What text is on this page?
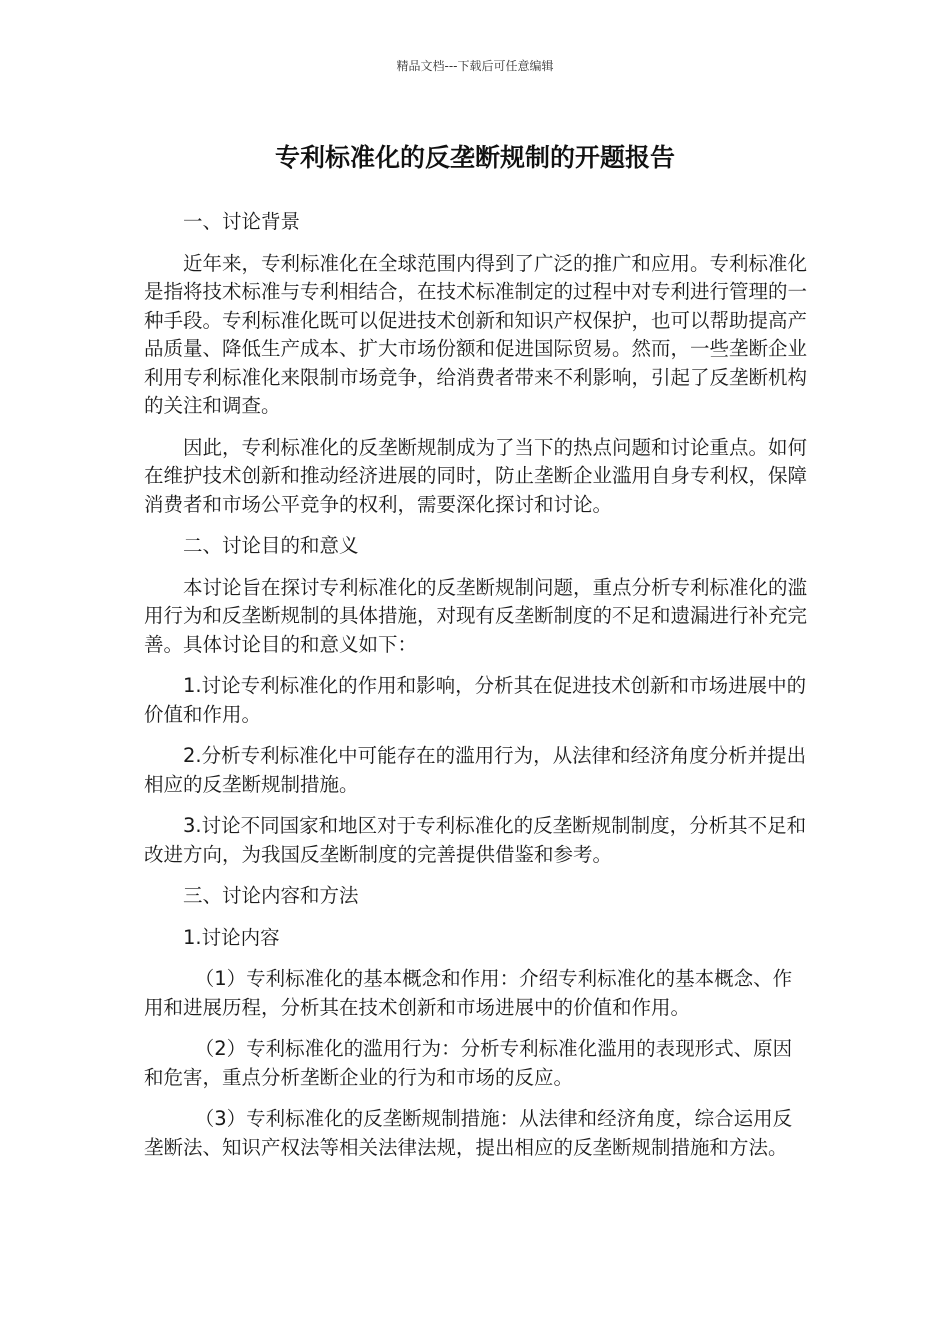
精品文档---下载后可任意编辑
专利标准化的反垄断规制的开题报告

一、讨论背景

近年来，专利标准化在全球范围内得到了广泛的推广和应用。专利标准化是指将技术标准与专利相结合，在技术标准制定的过程中对专利进行管理的一种手段。专利标准化既可以促进技术创新和知识产权保护，也可以帮助提高产品质量、降低生产成本、扩大市场份额和促进国际贸易。然而，一些垄断企业利用专利标准化来限制市场竞争，给消费者带来不利影响，引起了反垄断机构的关注和调查。

因此，专利标准化的反垄断规制成为了当下的热点问题和讨论重点。如何在维护技术创新和推动经济进展的同时，防止垄断企业滥用自身专利权，保障消费者和市场公平竞争的权利，需要深化探讨和讨论。

二、讨论目的和意义

本讨论旨在探讨专利标准化的反垄断规制问题，重点分析专利标准化的滥用行为和反垄断规制的具体措施，对现有反垄断制度的不足和遗漏进行补充完善。具体讨论目的和意义如下：

1.讨论专利标准化的作用和影响，分析其在促进技术创新和市场进展中的价值和作用。

2.分析专利标准化中可能存在的滥用行为，从法律和经济角度分析并提出相应的反垄断规制措施。

3.讨论不同国家和地区对于专利标准化的反垄断规制制度，分析其不足和改进方向，为我国反垄断制度的完善提供借鉴和参考。

三、讨论内容和方法

1.讨论内容

（1）专利标准化的基本概念和作用：介绍专利标准化的基本概念、作用和进展历程，分析其在技术创新和市场进展中的价值和作用。

（2）专利标准化的滥用行为：分析专利标准化滥用的表现形式、原因和危害，重点分析垄断企业的行为和市场的反应。

（3）专利标准化的反垄断规制措施：从法律和经济角度，综合运用反垄断法、知识产权法等相关法律法规，提出相应的反垄断规制措施和方法。
